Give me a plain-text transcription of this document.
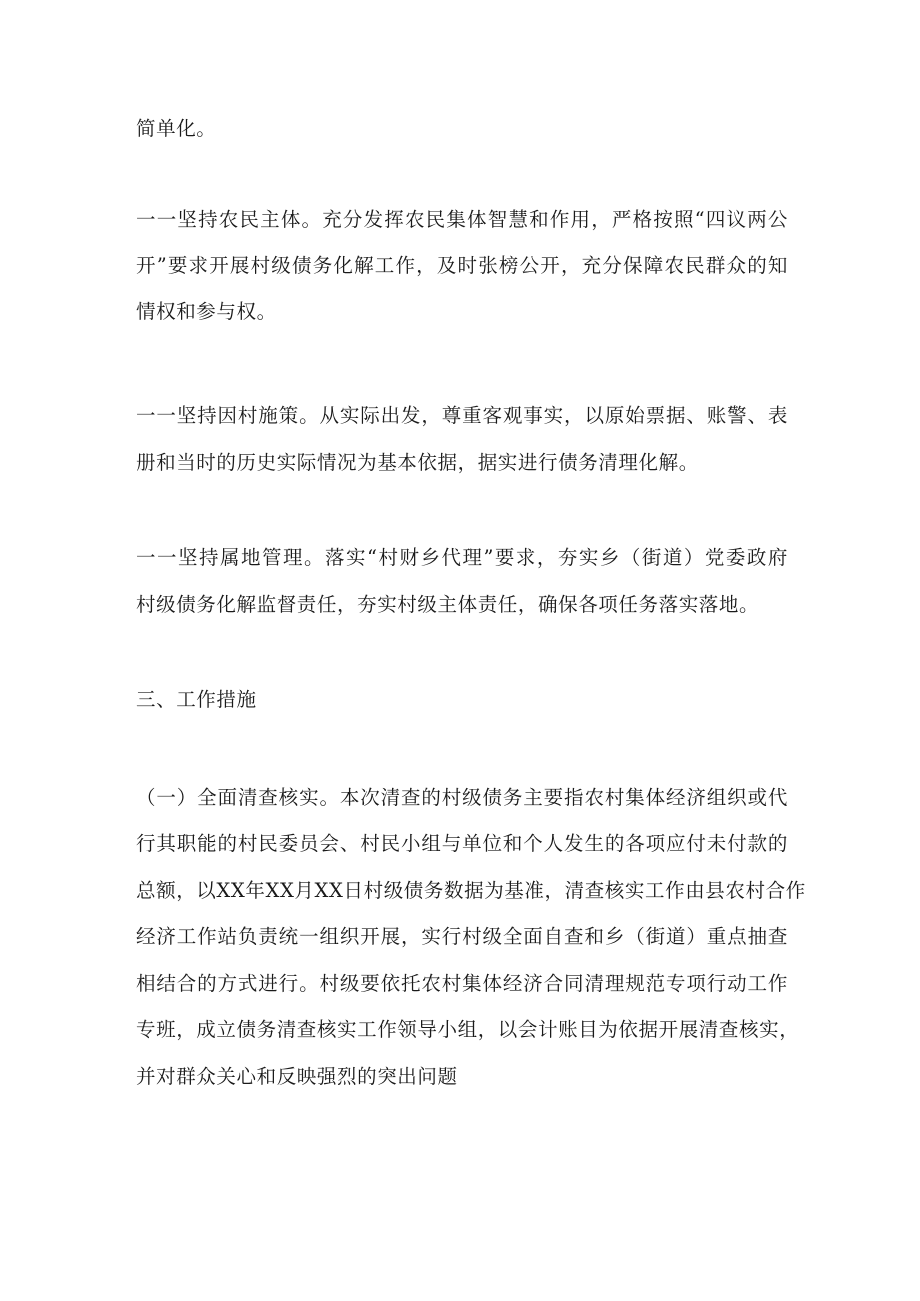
简单化。

一一坚持农民主体。充分发挥农民集体智慧和作用，严格按照“四议两公

开”要求开展村级债务化解工作，及时张榜公开，充分保障农民群众的知

情权和参与权。

一一坚持因村施策。从实际出发，尊重客观事实，以原始票据、账警、表

册和当时的历史实际情况为基本依据，据实进行债务清理化解。

一一坚持属地管理。落实“村财乡代理”要求，夯实乡（街道）党委政府

村级债务化解监督责任，夯实村级主体责任，确保各项任务落实落地。

三、工作措施

（一）全面清查核实。本次清查的村级债务主要指农村集体经济组织或代

行其职能的村民委员会、村民小组与单位和个人发生的各项应付未付款的

总额，以XX年XX月XX日村级债务数据为基准，清查核实工作由县农村合作

经济工作站负责统一组织开展，实行村级全面自查和乡（街道）重点抽查

相结合的方式进行。村级要依托农村集体经济合同清理规范专项行动工作

专班，成立债务清查核实工作领导小组，以会计账目为依据开展清查核实，

并对群众关心和反映强烈的突出问题
